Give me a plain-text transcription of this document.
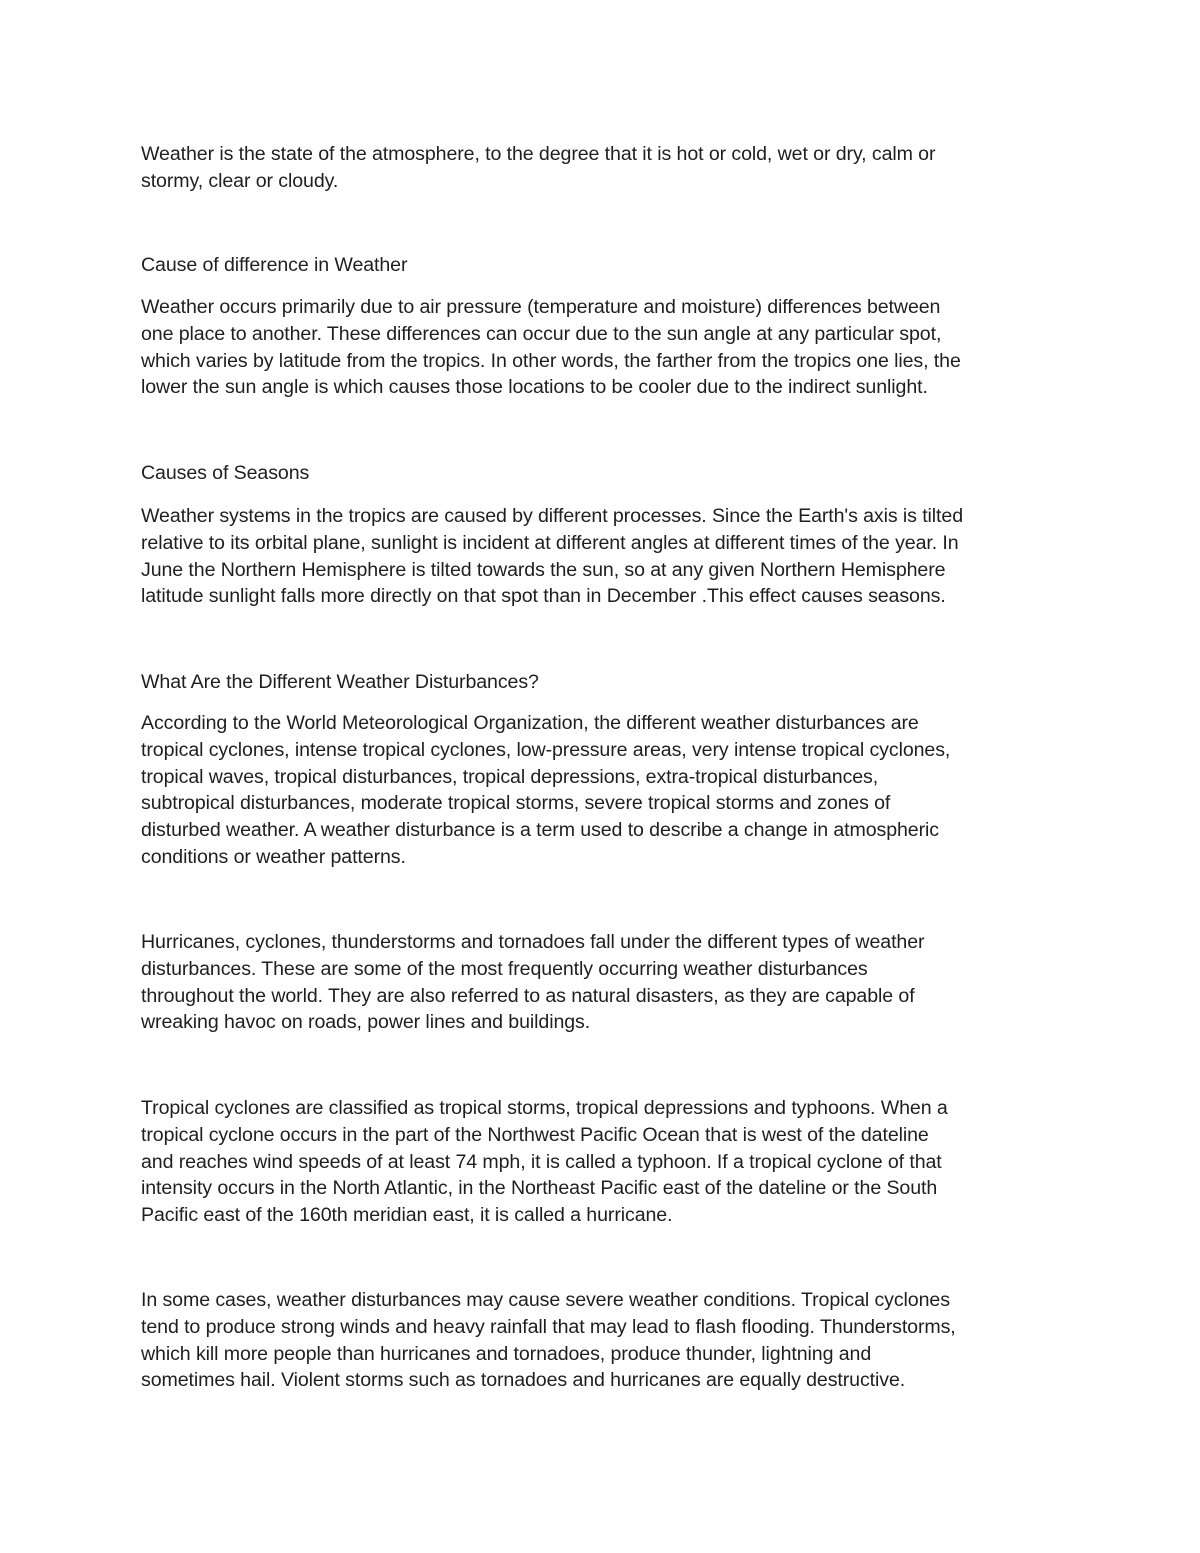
Weather is the state of the atmosphere, to the degree that it is hot or cold, wet or dry, calm or
stormy, clear or cloudy.

Cause of difference in Weather

Weather occurs primarily due to air pressure (temperature and moisture) differences between
one place to another. These differences can occur due to the sun angle at any particular spot,
which varies by latitude from the tropics. In other words, the farther from the tropics one lies, the
lower the sun angle is which causes those locations to be cooler due to the indirect sunlight.

Causes of Seasons

Weather systems in the tropics are caused by different processes. Since the Earth's axis is tilted
relative to its orbital plane, sunlight is incident at different angles at different times of the year. In
June the Northern Hemisphere is tilted towards the sun, so at any given Northern Hemisphere
latitude sunlight falls more directly on that spot than in December .This effect causes seasons.

What Are the Different Weather Disturbances?

According to the World Meteorological Organization, the different weather disturbances are
tropical cyclones, intense tropical cyclones, low-pressure areas, very intense tropical cyclones,
tropical waves, tropical disturbances, tropical depressions, extra-tropical disturbances,
subtropical disturbances, moderate tropical storms, severe tropical storms and zones of
disturbed weather. A weather disturbance is a term used to describe a change in atmospheric
conditions or weather patterns.

Hurricanes, cyclones, thunderstorms and tornadoes fall under the different types of weather
disturbances. These are some of the most frequently occurring weather disturbances
throughout the world. They are also referred to as natural disasters, as they are capable of
wreaking havoc on roads, power lines and buildings.

Tropical cyclones are classified as tropical storms, tropical depressions and typhoons. When a
tropical cyclone occurs in the part of the Northwest Pacific Ocean that is west of the dateline
and reaches wind speeds of at least 74 mph, it is called a typhoon. If a tropical cyclone of that
intensity occurs in the North Atlantic, in the Northeast Pacific east of the dateline or the South
Pacific east of the 160th meridian east, it is called a hurricane.

In some cases, weather disturbances may cause severe weather conditions. Tropical cyclones
tend to produce strong winds and heavy rainfall that may lead to flash flooding. Thunderstorms,
which kill more people than hurricanes and tornadoes, produce thunder, lightning and
sometimes hail. Violent storms such as tornadoes and hurricanes are equally destructive.
